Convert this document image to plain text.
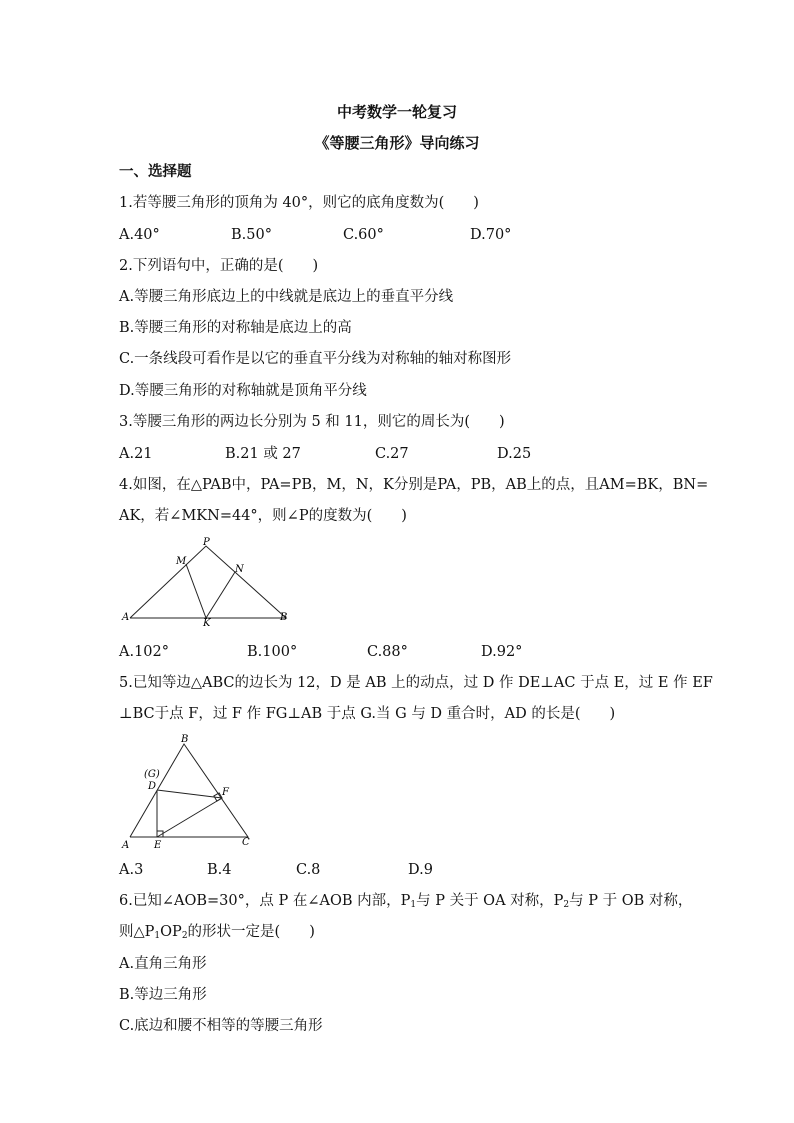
中考数学一轮复习
《等腰三角形》导向练习
一、选择题
1.若等腰三角形的顶角为 40°，则它的底角度数为(　　)
A.40°	B.50°	C.60°	D.70°
2.下列语句中，正确的是(　　)
A.等腰三角形底边上的中线就是底边上的垂直平分线
B.等腰三角形的对称轴是底边上的高
C.一条线段可看作是以它的垂直平分线为对称轴的轴对称图形
D.等腰三角形的对称轴就是顶角平分线
3.等腰三角形的两边长分别为 5 和 11，则它的周长为(　　)
A.21	B.21 或 27	C.27	D.25
4.如图，在△PAB中，PA=PB，M，N，K分别是PA，PB，AB上的点，且AM=BK，BN=
AK，若∠MKN=44°，则∠P的度数为(　　)
P
M
N
A
K
B
A.102°	B.100°	C.88°	D.92°
5.已知等边△ABC的边长为 12，D 是 AB 上的动点，过 D 作 DE⊥AC 于点 E，过 E 作 EF
⊥BC于点 F，过 F 作 FG⊥AB 于点 G.当 G 与 D 重合时，AD 的长是(　　)
B
(G)
D
F
A E	C
A.3	B.4	C.8	D.9
6.已知∠AOB=30°，点 P 在∠AOB 内部，$P_1$与 P 关于 OA 对称，$P_2$与 P 于 OB 对称，
则$\triangle P_1OP_2$的形状一定是(　　)
A.直角三角形
B.等边三角形
C.底边和腰不相等的等腰三角形
